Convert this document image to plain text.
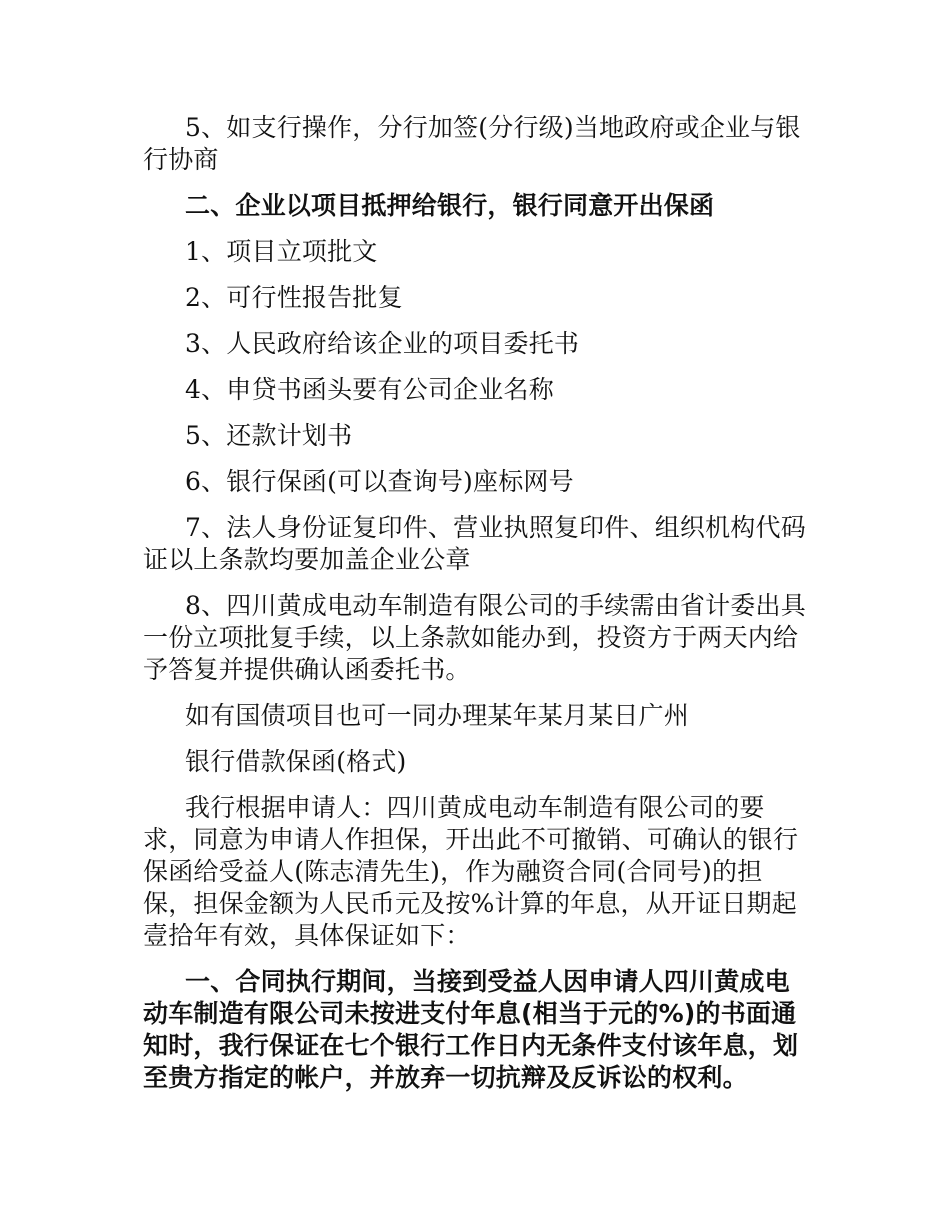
5、如支行操作，分行加签(分行级)当地政府或企业与银行协商

二、企业以项目抵押给银行，银行同意开出保函

1、项目立项批文

2、可行性报告批复

3、人民政府给该企业的项目委托书

4、申贷书函头要有公司企业名称

5、还款计划书

6、银行保函(可以查询号)座标网号

7、法人身份证复印件、营业执照复印件、组织机构代码证以上条款均要加盖企业公章

8、四川黄成电动车制造有限公司的手续需由省计委出具一份立项批复手续，以上条款如能办到，投资方于两天内给予答复并提供确认函委托书。

如有国债项目也可一同办理某年某月某日广州

银行借款保函(格式)

我行根据申请人：四川黄成电动车制造有限公司的要求，同意为申请人作担保，开出此不可撤销、可确认的银行保函给受益人(陈志清先生)，作为融资合同(合同号)的担保，担保金额为人民币元及按%计算的年息，从开证日期起壹拾年有效，具体保证如下：

一、合同执行期间，当接到受益人因申请人四川黄成电动车制造有限公司未按进支付年息(相当于元的%)的书面通知时，我行保证在七个银行工作日内无条件支付该年息，划至贵方指定的帐户，并放弃一切抗辩及反诉讼的权利。
